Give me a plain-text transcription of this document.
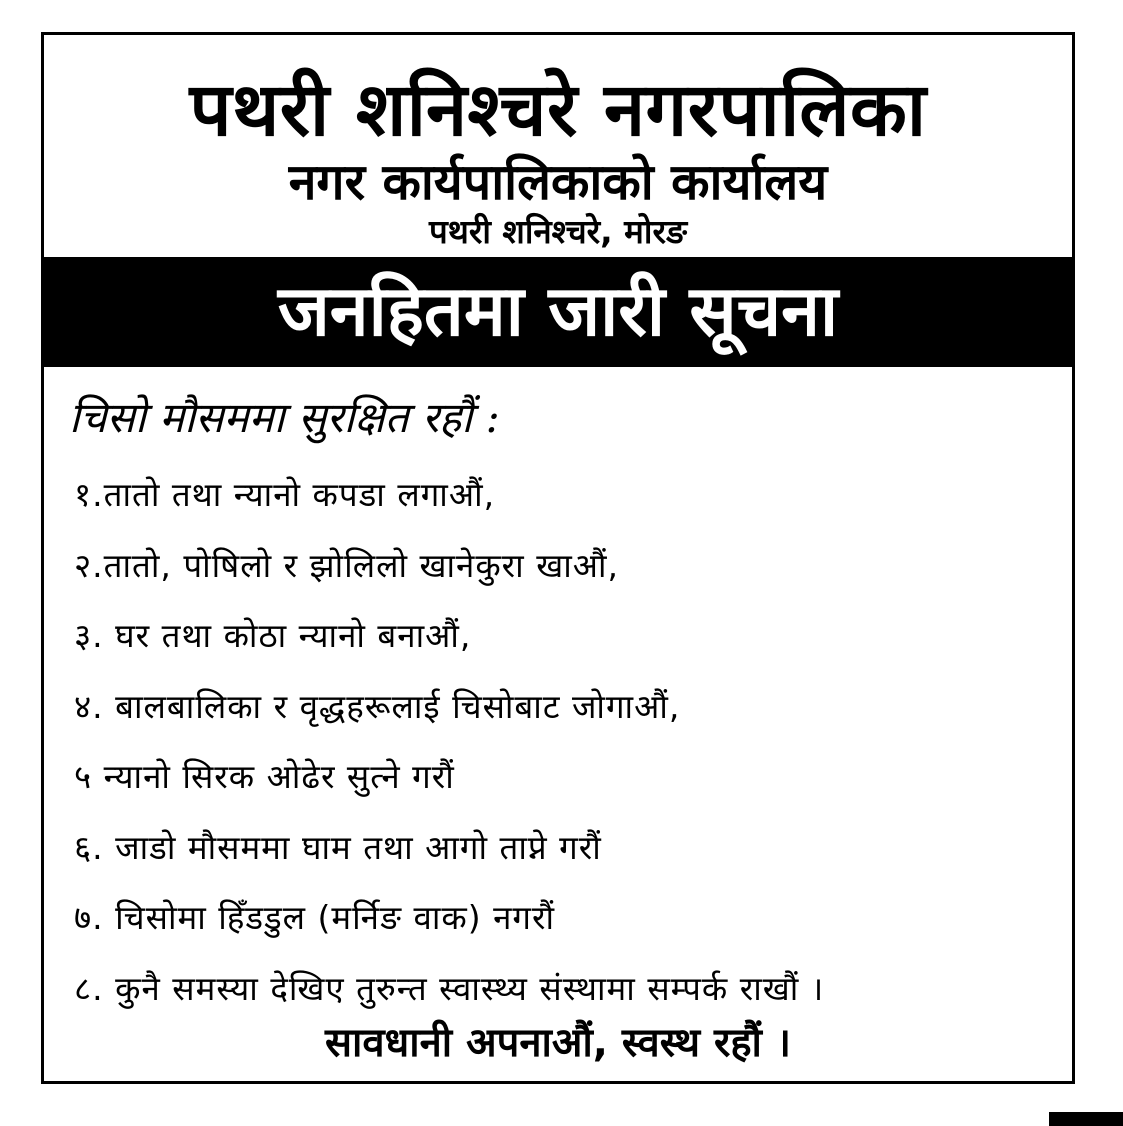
पथरी शनिश्चरे नगरपालिका
नगर कार्यपालिकाको कार्यालय
पथरी शनिश्चरे, मोरङ
जनहितमा जारी सूचना
चिसो मौसममा सुरक्षित रहौं :
१.तातो तथा न्यानो कपडा लगाऔं,
२.तातो, पोषिलो र झोलिलो खानेकुरा खाऔं,
३. घर तथा कोठा न्यानो बनाऔं,
४. बालबालिका र वृद्धहरूलाई चिसोबाट जोगाऔं,
५ न्यानो सिरक ओढेर सुत्ने गरौं
६. जाडो मौसममा घाम तथा आगो ताप्ने गरौं
७. चिसोमा हिँडडुल (मर्निङ वाक) नगरौं
८. कुनै समस्या देखिए तुरुन्त स्वास्थ्य संस्थामा सम्पर्क राखौं ।
सावधानी अपनाऔं, स्वस्थ रहौं ।
